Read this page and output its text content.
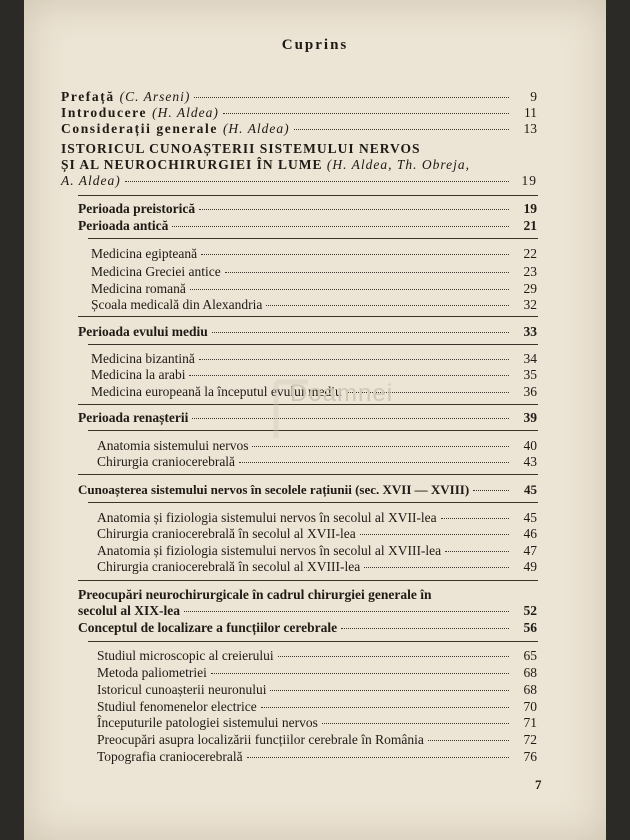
Cuprins
Prefață (C. Arseni)	9
Introducere (H. Aldea)	11
Considerații generale (H. Aldea)	13
ISTORICUL CUNOAȘTERII SISTEMULUI NERVOS
ȘI AL NEUROCHIRURGIEI ÎN LUME (H. Aldea, Th. Obreja,
A. Aldea)	19
Perioada preistorică	19
Perioada antică	21
Medicina egipteană	22
Medicina Greciei antice	23
Medicina romană	29
Școala medicală din Alexandria	32
Perioada evului mediu	33
Medicina bizantină	34
Medicina la arabi	35
Medicina europeană la începutul evului mediu	36
Perioada renașterii	39
Anatomia sistemului nervos	40
Chirurgia craniocerebrală	43
Cunoașterea sistemului nervos în secolele rațiunii (sec. XVII — XVIII)	45
Anatomia și fiziologia sistemului nervos în secolul al XVII-lea	45
Chirurgia craniocerebrală în secolul al XVII-lea	46
Anatomia și fiziologia sistemului nervos în secolul al XVIII-lea	47
Chirurgia craniocerebrală în secolul al XVIII-lea	49
Preocupări neurochirurgicale în cadrul chirurgiei generale în
secolul al XIX-lea	52
Conceptul de localizare a funcțiilor cerebrale	56
Studiul microscopic al creierului	65
Metoda paliometriei	68
Istoricul cunoașterii neuronului	68
Studiul fenomenelor electrice	70
Începuturile patologiei sistemului nervos	71
Preocupări asupra localizării funcțiilor cerebrale în România	72
Topografia craniocerebrală	76
7
Doamnei
